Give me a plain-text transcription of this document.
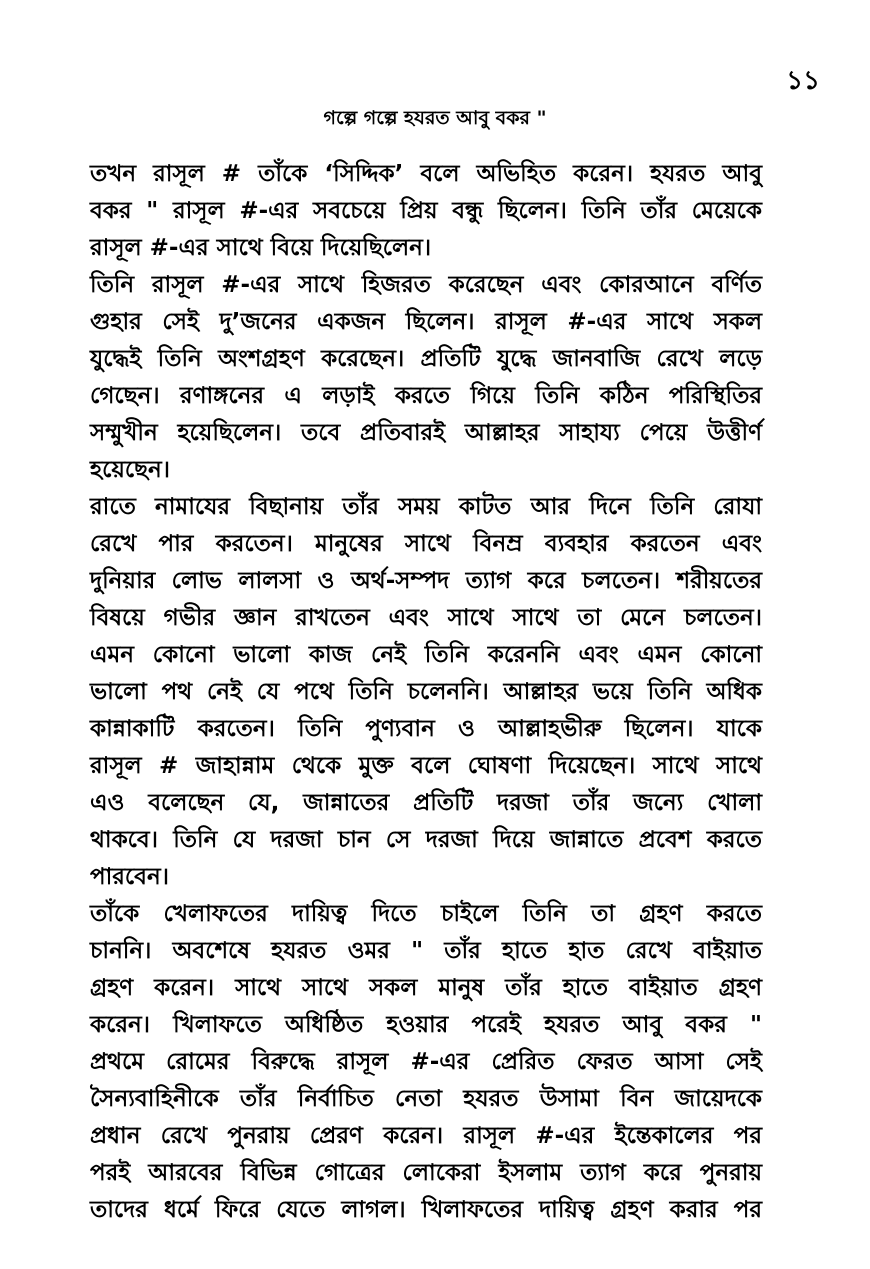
১১
গল্পে গল্পে হযরত আবু বকর "
তখন রাসূল # তাঁকে ‘সিদ্দিক’ বলে অভিহিত করেন। হযরত আবু
বকর " রাসূল #-এর সবচেয়ে প্রিয় বন্ধু ছিলেন। তিনি তাঁর মেয়েকে
রাসূল #-এর সাথে বিয়ে দিয়েছিলেন।
তিনি রাসূল #-এর সাথে হিজরত করেছেন এবং কোরআনে বর্ণিত
গুহার সেই দু’জনের একজন ছিলেন। রাসূল #-এর সাথে সকল
যুদ্ধেই তিনি অংশগ্রহণ করেছেন। প্রতিটি যুদ্ধে জানবাজি রেখে লড়ে
গেছেন। রণাঙ্গনের এ লড়াই করতে গিয়ে তিনি কঠিন পরিস্থিতির
সম্মুখীন হয়েছিলেন। তবে প্রতিবারই আল্লাহর সাহায্য পেয়ে উত্তীর্ণ
হয়েছেন।
রাতে নামাযের বিছানায় তাঁর সময় কাটত আর দিনে তিনি রোযা
রেখে পার করতেন। মানুষের সাথে বিনম্র ব্যবহার করতেন এবং
দুনিয়ার লোভ লালসা ও অর্থ-সম্পদ ত্যাগ করে চলতেন। শরীয়তের
বিষয়ে গভীর জ্ঞান রাখতেন এবং সাথে সাথে তা মেনে চলতেন।
এমন কোনো ভালো কাজ নেই তিনি করেননি এবং এমন কোনো
ভালো পথ নেই যে পথে তিনি চলেননি। আল্লাহর ভয়ে তিনি অধিক
কান্নাকাটি করতেন। তিনি পুণ্যবান ও আল্লাহভীরু ছিলেন। যাকে
রাসূল # জাহান্নাম থেকে মুক্ত বলে ঘোষণা দিয়েছেন। সাথে সাথে
এও বলেছেন যে, জান্নাতের প্রতিটি দরজা তাঁর জন্যে খোলা
থাকবে। তিনি যে দরজা চান সে দরজা দিয়ে জান্নাতে প্রবেশ করতে
পারবেন।
তাঁকে খেলাফতের দায়িত্ব দিতে চাইলে তিনি তা গ্রহণ করতে
চাননি। অবশেষে হযরত ওমর " তাঁর হাতে হাত রেখে বাইয়াত
গ্রহণ করেন। সাথে সাথে সকল মানুষ তাঁর হাতে বাইয়াত গ্রহণ
করেন। খিলাফতে অধিষ্ঠিত হওয়ার পরেই হযরত আবু বকর "
প্রথমে রোমের বিরুদ্ধে রাসূল #-এর প্রেরিত ফেরত আসা সেই
সৈন্যবাহিনীকে তাঁর নির্বাচিত নেতা হযরত উসামা বিন জায়েদকে
প্রধান রেখে পুনরায় প্রেরণ করেন। রাসূল #-এর ইন্তেকালের পর
পরই আরবের বিভিন্ন গোত্রের লোকেরা ইসলাম ত্যাগ করে পুনরায়
তাদের ধর্মে ফিরে যেতে লাগল। খিলাফতের দায়িত্ব গ্রহণ করার পর
